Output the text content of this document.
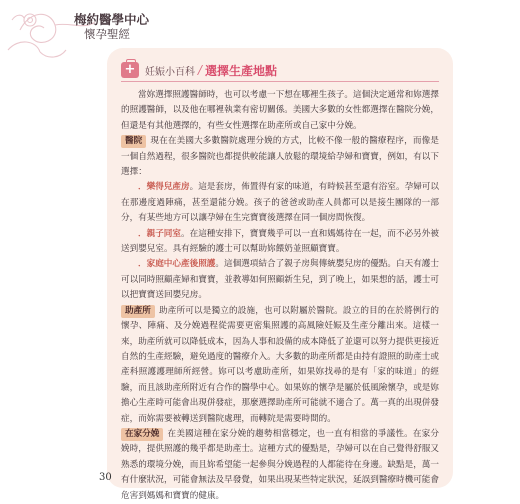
梅約醫學中心
懷孕聖經
+
妊娠小百科 / 選擇生產地點

當妳選擇照護醫師時，也可以考慮一下想在哪裡生孩子。這個決定通常和妳選擇的照護醫師，以及他在哪裡執業有密切關係。美國大多數的女性都選擇在醫院分娩，但還是有其他選擇的，有些女性選擇在助產所或自己家中分娩。

醫院 現在在美國大多數醫院處理分娩的方式，比較不像一般的醫療程序，而像是一個自然過程，很多醫院也都提供較能讓人放鬆的環境給孕婦和寶寶，例如，有以下選擇：

．樂得兒產房。這是套房，佈置得有家的味道，有時候甚至還有浴室。孕婦可以在那邊度過陣痛，甚至還能分娩。孩子的爸爸或助產人員都可以是接生團隊的一部分，有某些地方可以讓孕婦在生完寶寶後選擇在同一個房間恢復。

．親子同室。在這種安排下，寶寶幾乎可以一直和媽媽待在一起，而不必另外被送到嬰兒室。具有經驗的護士可以幫助妳餵奶並照顧寶寶。

．家庭中心產後照護。這個選項結合了親子房與傳統嬰兒房的優點。白天有護士可以同時照顧產婦和寶寶，並教導如何照顧新生兒，到了晚上，如果想的話，護士可以把寶寶送回嬰兒房。

助產所 助產所可以是獨立的設施，也可以附屬於醫院。設立的目的在於將例行的懷孕、陣痛、及分娩過程從需要更密集照護的高風險妊娠及生產分離出來。這樣一來，助產所就可以降低成本，因為人事和設備的成本降低了並還可以努力提供更接近自然的生產經驗，避免過度的醫療介入。大多數的助產所都是由持有證照的助產士或產科照護護理師所經營。妳可以考慮助產所，如果妳找尋的是有「家的味道」的經驗，而且該助產所附近有合作的醫學中心。如果妳的懷孕是屬於低風險懷孕，或是妳擔心生產時可能會出現併發症，那麼選擇助產所可能就不適合了。萬一真的出現併發症，而妳需要被轉送到醫院處理，而轉院是需要時間的。

在家分娩 在美國這種在家分娩的趨勢相當穩定，也一直有相當的爭議性。在家分娩時，提供照護的幾乎都是助產士。這種方式的優點是，孕婦可以在自己覺得舒服又熟悉的環境分娩，而且妳希望能一起參與分娩過程的人都能待在身邊。缺點是，萬一有什麼狀況，可能會無法及早發覺，如果出現某些特定狀況，延誤到醫療時機可能會危害到媽媽和寶寶的健康。

30
